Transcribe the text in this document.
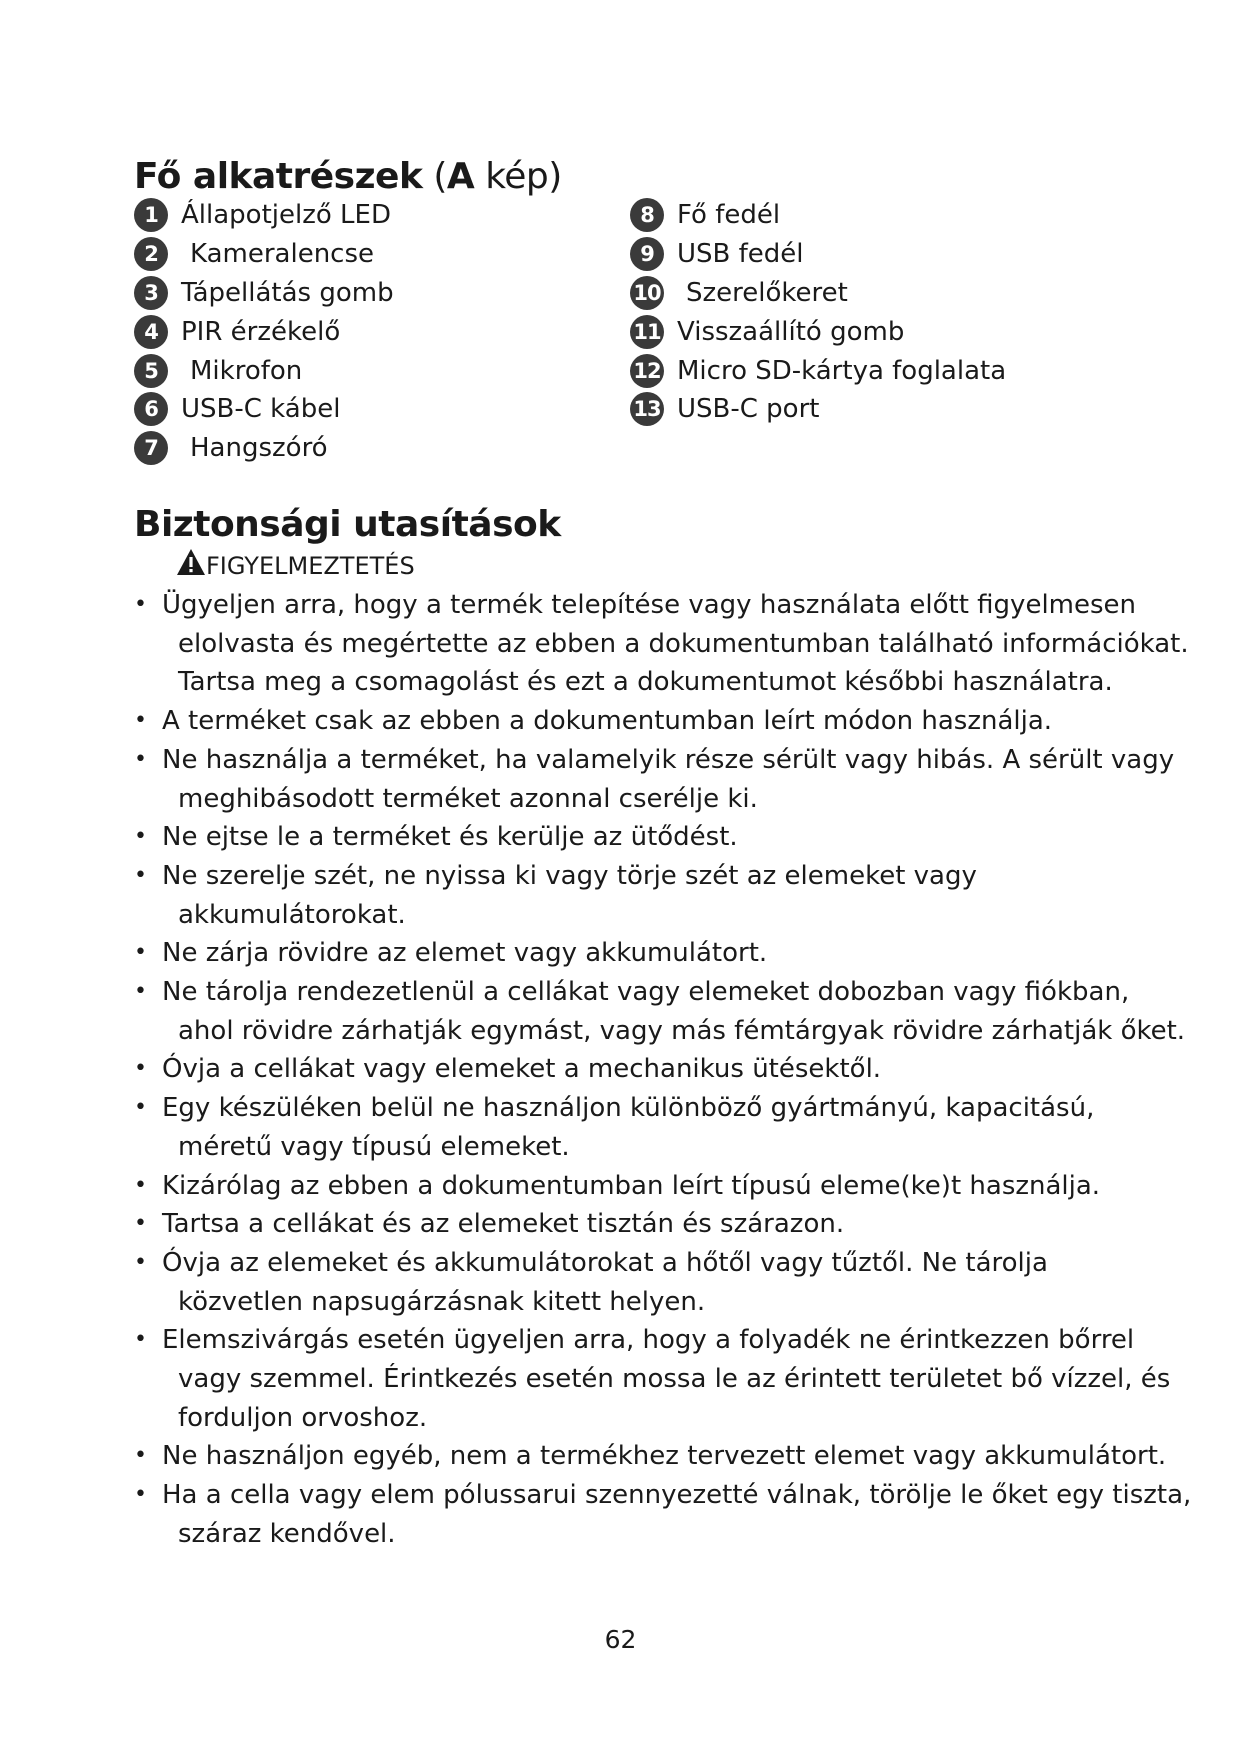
Fő alkatrészek (A kép)
1 Állapotjelző LED
2	Kameralencse
3 Tápellátás gomb
4 PIR érzékelő
5	Mikrofon
6 USB-C kábel
7	Hangszóró
8 Fő fedél
9 USB fedél
10 Szerelőkeret
11 Visszaállító gomb
12 Micro SD-kártya foglalata
13 USB-C port
Biztonsági utasítások
FIGYELMEZTETÉS
• Ügyeljen arra, hogy a termék telepítése vagy használata előtt figyelmesen
elolvasta és megértette az ebben a dokumentumban található információkat.
Tartsa meg a csomagolást és ezt a dokumentumot későbbi használatra.
• A terméket csak az ebben a dokumentumban leírt módon használja.
• Ne használja a terméket, ha valamelyik része sérült vagy hibás. A sérült vagy
meghibásodott terméket azonnal cserélje ki.
• Ne ejtse le a terméket és kerülje az ütődést.
• Ne szerelje szét, ne nyissa ki vagy törje szét az elemeket vagy
akkumulátorokat.
• Ne zárja rövidre az elemet vagy akkumulátort.
• Ne tárolja rendezetlenül a cellákat vagy elemeket dobozban vagy fiókban,
ahol rövidre zárhatják egymást, vagy más fémtárgyak rövidre zárhatják őket.
• Óvja a cellákat vagy elemeket a mechanikus ütésektől.
• Egy készüléken belül ne használjon különböző gyártmányú, kapacitású,
méretű vagy típusú elemeket.
• Kizárólag az ebben a dokumentumban leírt típusú eleme(ke)t használja.
• Tartsa a cellákat és az elemeket tisztán és szárazon.
• Óvja az elemeket és akkumulátorokat a hőtől vagy tűztől. Ne tárolja
közvetlen napsugárzásnak kitett helyen.
• Elemszivárgás esetén ügyeljen arra, hogy a folyadék ne érintkezzen bőrrel
vagy szemmel. Érintkezés esetén mossa le az érintett területet bő vízzel, és
forduljon orvoshoz.
• Ne használjon egyéb, nem a termékhez tervezett elemet vagy akkumulátort.
• Ha a cella vagy elem pólussarui szennyezetté válnak, törölje le őket egy tiszta,
száraz kendővel.
62
